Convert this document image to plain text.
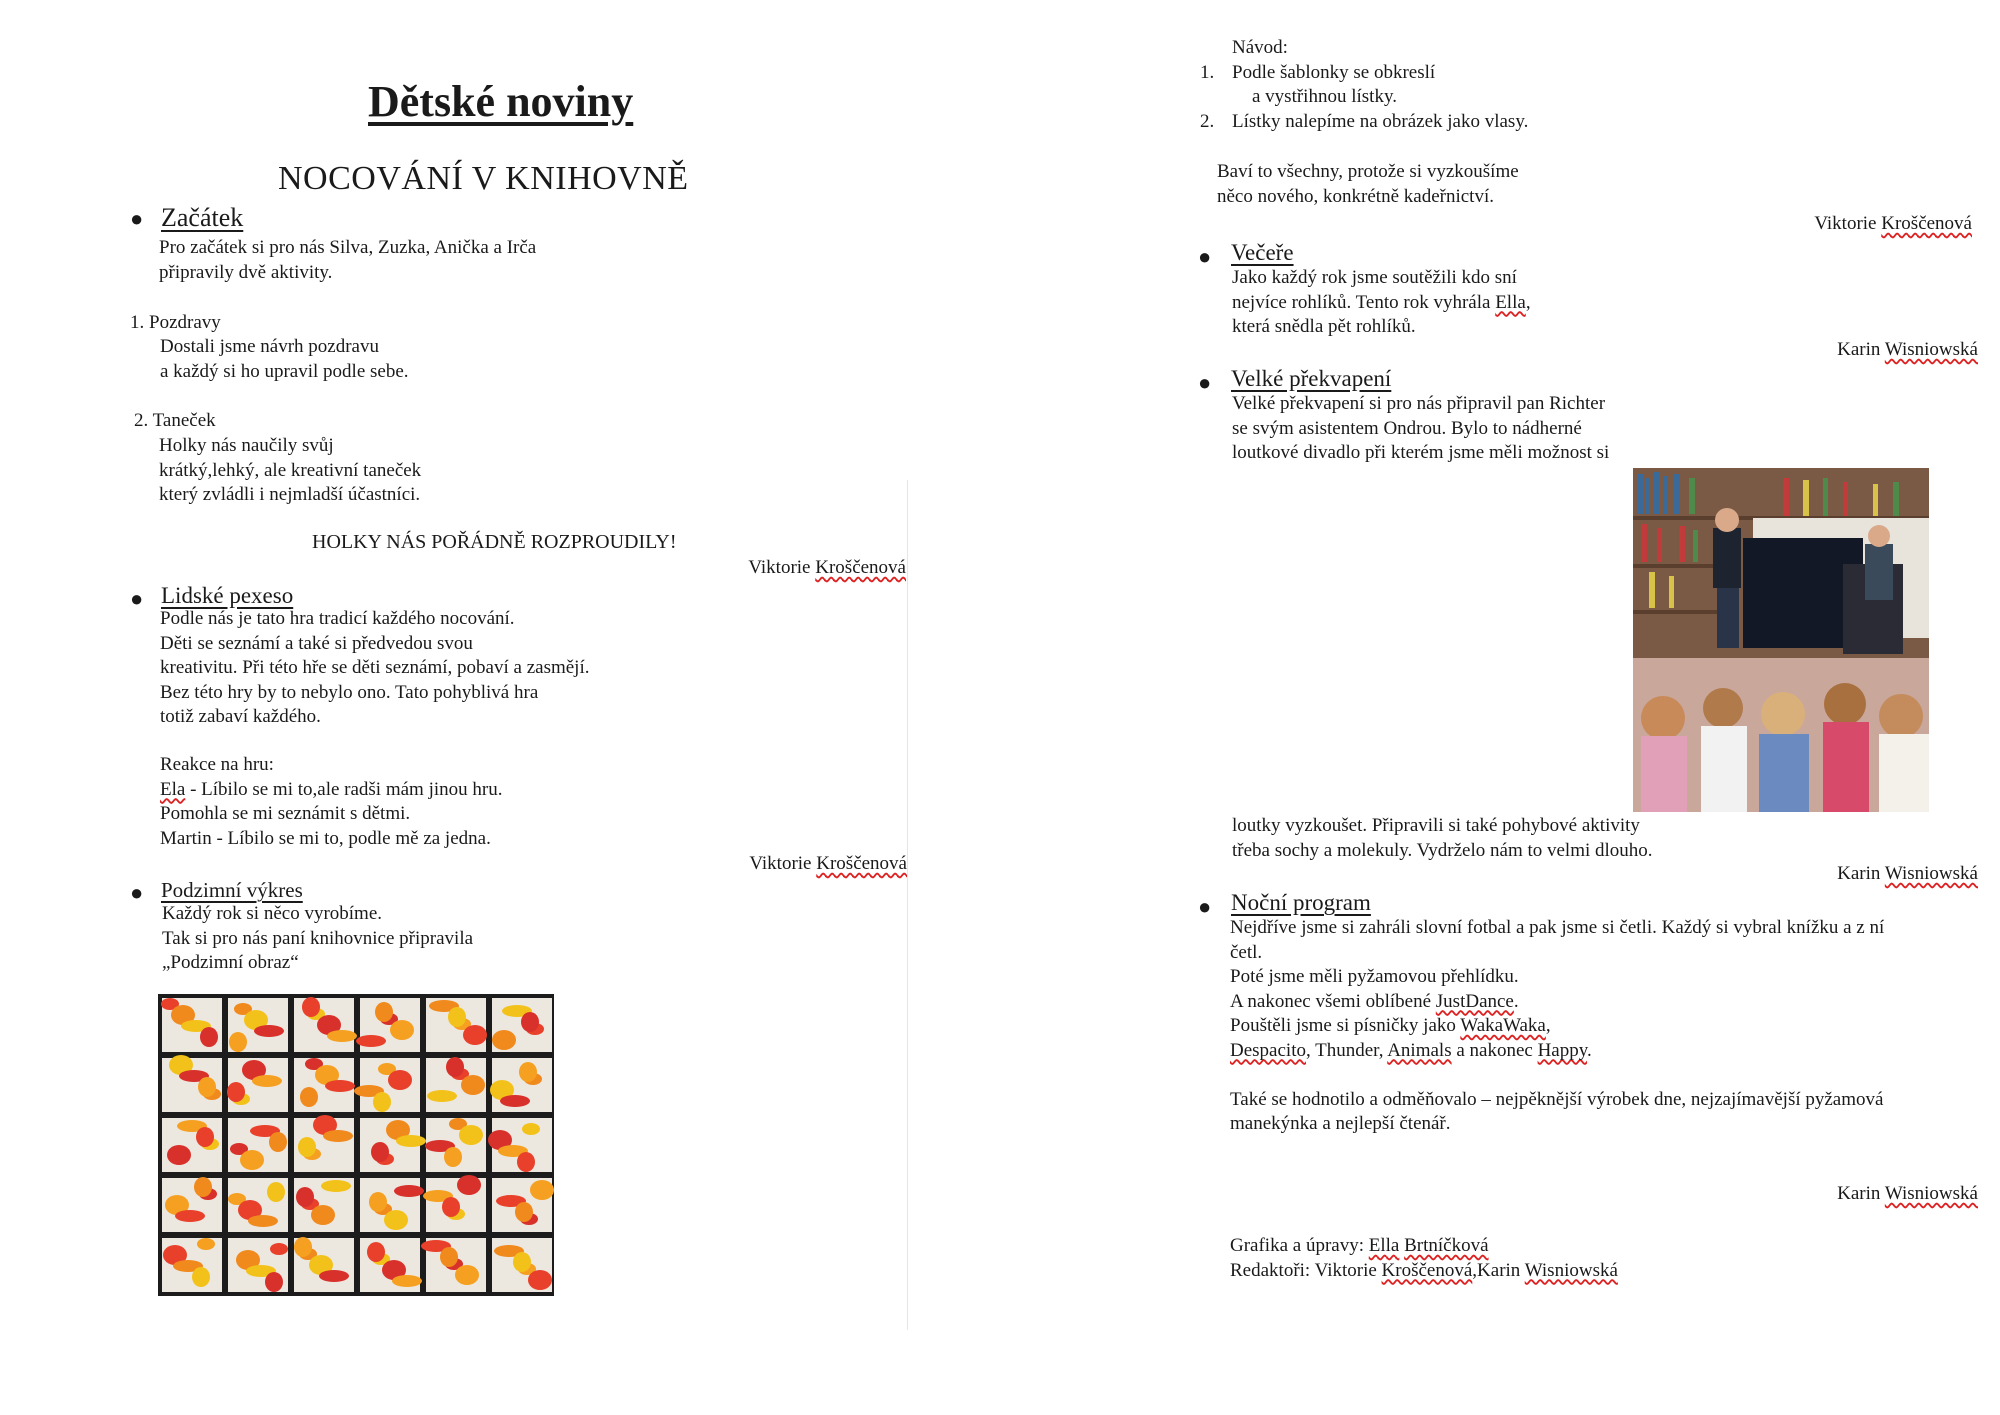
Dětské noviny
NOCOVÁNÍ V KNIHOVNĚ
● Začátek
Pro začátek si pro nás Silva, Zuzka, Anička a Irča
připravily dvě aktivity.
1. Pozdravy
Dostali jsme návrh pozdravu
a každý si ho upravil podle sebe.
2. Taneček
Holky nás naučily svůj
krátký,lehký, ale kreativní taneček
který zvládli i nejmladší účastníci.
HOLKY NÁS POŘÁDNĚ ROZPROUDILY!
Viktorie Kroščenová
● Lidské pexeso
Podle nás je tato hra tradicí každého nocování.
Děti se seznámí a také si předvedou svou
kreativitu. Při této hře se děti seznámí, pobaví a zasmějí.
Bez této hry by to nebylo ono. Tato pohyblivá hra
totiž zabaví každého.
Reakce na hru:
Ela - Líbilo se mi to,ale radši mám jinou hru.
Pomohla se mi seznámit s dětmi.
Martin - Líbilo se mi to, podle mě za jedna.
Viktorie Kroščenová
● Podzimní výkres
Každý rok si něco vyrobíme.
Tak si pro nás paní knihovnice připravila
„Podzimní obraz“
Návod:
1. Podle šablonky se obkreslí
a vystřihnou lístky.
2. Lístky nalepíme na obrázek jako vlasy.
Baví to všechny, protože si vyzkoušíme
něco nového, konkrétně kadeřnictví.
Viktorie Kroščenová
● Večeře
Jako každý rok jsme soutěžili kdo sní
nejvíce rohlíků. Tento rok vyhrála Ella,
která snědla pět rohlíků.
Karin Wisniowská
● Velké překvapení
Velké překvapení si pro nás připravil pan Richter
se svým asistentem Ondrou. Bylo to nádherné
loutkové divadlo při kterém jsme měli možnost si
loutky vyzkoušet. Připravili si také pohybové aktivity
třeba sochy a molekuly. Vydrželo nám to velmi dlouho.
Karin Wisniowská
● Noční program
Nejdříve jsme si zahráli slovní fotbal a pak jsme si četli. Každý si vybral knížku a z ní
četl.
Poté jsme měli pyžamovou přehlídku.
A nakonec všemi oblíbené JustDance.
Pouštěli jsme si písničky jako WakaWaka,
Despacito, Thunder, Animals a nakonec Happy.
Také se hodnotilo a odměňovalo – nejpěknější výrobek dne, nejzajímavější pyžamová
manekýnka a nejlepší čtenář.
Karin Wisniowská
Grafika a úpravy: Ella Brtníčková
Redaktoři: Viktorie Kroščenová,Karin Wisniowská
